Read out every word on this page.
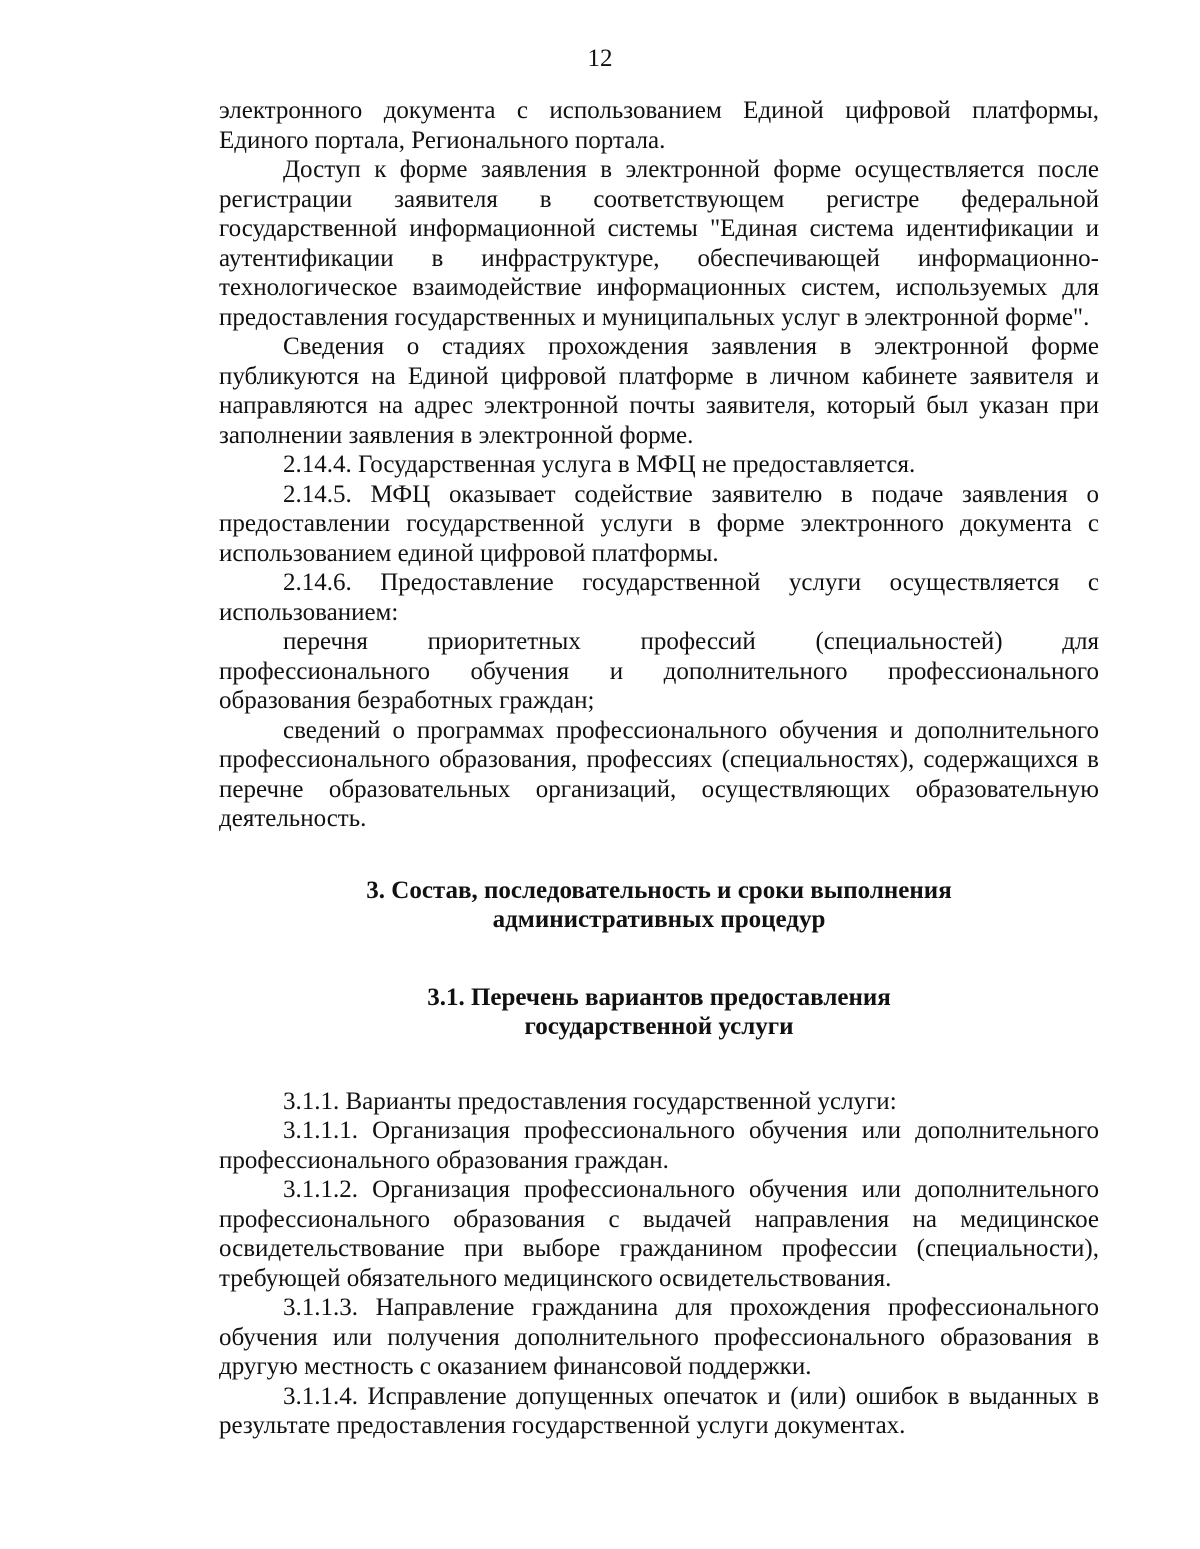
12

электронного документа с использованием Единой цифровой платформы, Единого портала, Регионального портала.

Доступ к форме заявления в электронной форме осуществляется после регистрации заявителя в соответствующем регистре федеральной государственной информационной системы "Единая система идентификации и аутентификации в инфраструктуре, обеспечивающей информационно-технологическое взаимодействие информационных систем, используемых для предоставления государственных и муниципальных услуг в электронной форме".

Сведения о стадиях прохождения заявления в электронной форме публикуются на Единой цифровой платформе в личном кабинете заявителя и направляются на адрес электронной почты заявителя, который был указан при заполнении заявления в электронной форме.

2.14.4. Государственная услуга в МФЦ не предоставляется.

2.14.5. МФЦ оказывает содействие заявителю в подаче заявления о предоставлении государственной услуги в форме электронного документа с использованием единой цифровой платформы.

2.14.6. Предоставление государственной услуги осуществляется с использованием:

перечня приоритетных профессий (специальностей) для профессионального обучения и дополнительного профессионального образования безработных граждан;

сведений о программах профессионального обучения и дополнительного профессионального образования, профессиях (специальностях), содержащихся в перечне образовательных организаций, осуществляющих образовательную деятельность.

3. Состав, последовательность и сроки выполнения
административных процедур
3.1. Перечень вариантов предоставления
государственной услуги

3.1.1. Варианты предоставления государственной услуги:

3.1.1.1. Организация профессионального обучения или дополнительного профессионального образования граждан.

3.1.1.2. Организация профессионального обучения или дополнительного профессионального образования с выдачей направления на медицинское освидетельствование при выборе гражданином профессии (специальности), требующей обязательного медицинского освидетельствования.

3.1.1.3. Направление гражданина для прохождения профессионального обучения или получения дополнительного профессионального образования в другую местность с оказанием финансовой поддержки.

3.1.1.4. Исправление допущенных опечаток и (или) ошибок в выданных в результате предоставления государственной услуги документах.
